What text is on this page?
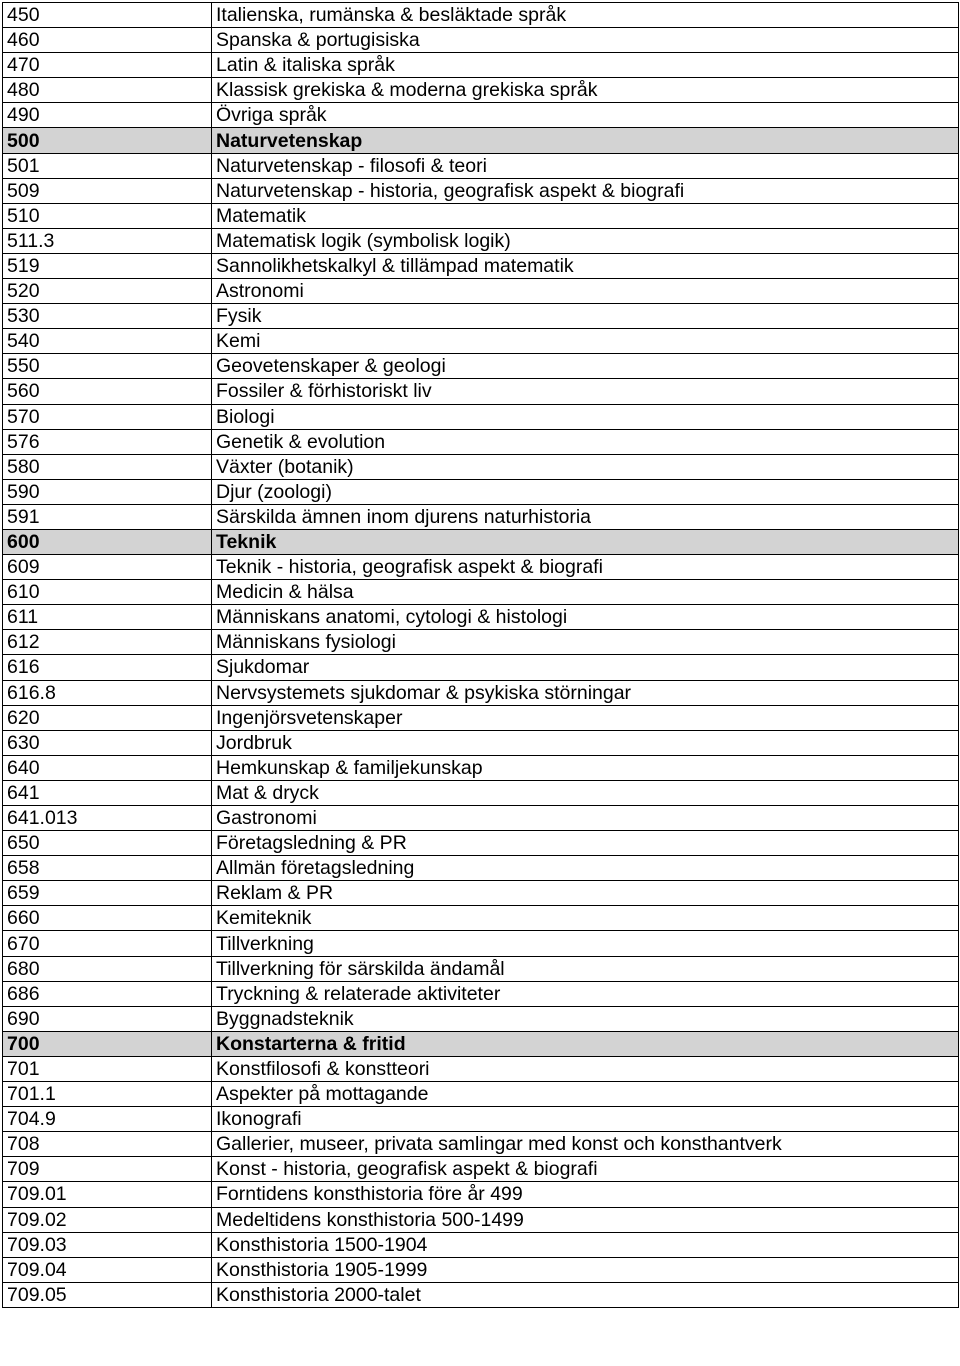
450	Italienska, rumänska & besläktade språk
460	Spanska & portugisiska
470	Latin & italiska språk
480	Klassisk grekiska & moderna grekiska språk
490	Övriga språk
500	Naturvetenskap
501	Naturvetenskap - filosofi & teori
509	Naturvetenskap - historia, geografisk aspekt & biografi
510	Matematik
511.3	Matematisk logik (symbolisk logik)
519	Sannolikhetskalkyl & tillämpad matematik
520	Astronomi
530	Fysik
540	Kemi
550	Geovetenskaper & geologi
560	Fossiler & förhistoriskt liv
570	Biologi
576	Genetik & evolution
580	Växter (botanik)
590	Djur (zoologi)
591	Särskilda ämnen inom djurens naturhistoria
600	Teknik
609	Teknik - historia, geografisk aspekt & biografi
610	Medicin & hälsa
611	Människans anatomi, cytologi & histologi
612	Människans fysiologi
616	Sjukdomar
616.8	Nervsystemets sjukdomar & psykiska störningar
620	Ingenjörsvetenskaper
630	Jordbruk
640	Hemkunskap & familjekunskap
641	Mat & dryck
641.013	Gastronomi
650	Företagsledning & PR
658	Allmän företagsledning
659	Reklam & PR
660	Kemiteknik
670	Tillverkning
680	Tillverkning för särskilda ändamål
686	Tryckning & relaterade aktiviteter
690	Byggnadsteknik
700	Konstarterna & fritid
701	Konstfilosofi & konstteori
701.1	Aspekter på mottagande
704.9	Ikonografi
708	Gallerier, museer, privata samlingar med konst och konsthantverk
709	Konst - historia, geografisk aspekt & biografi
709.01	Forntidens konsthistoria före år 499
709.02	Medeltidens konsthistoria 500-1499
709.03	Konsthistoria 1500-1904
709.04	Konsthistoria 1905-1999
709.05	Konsthistoria 2000-talet
